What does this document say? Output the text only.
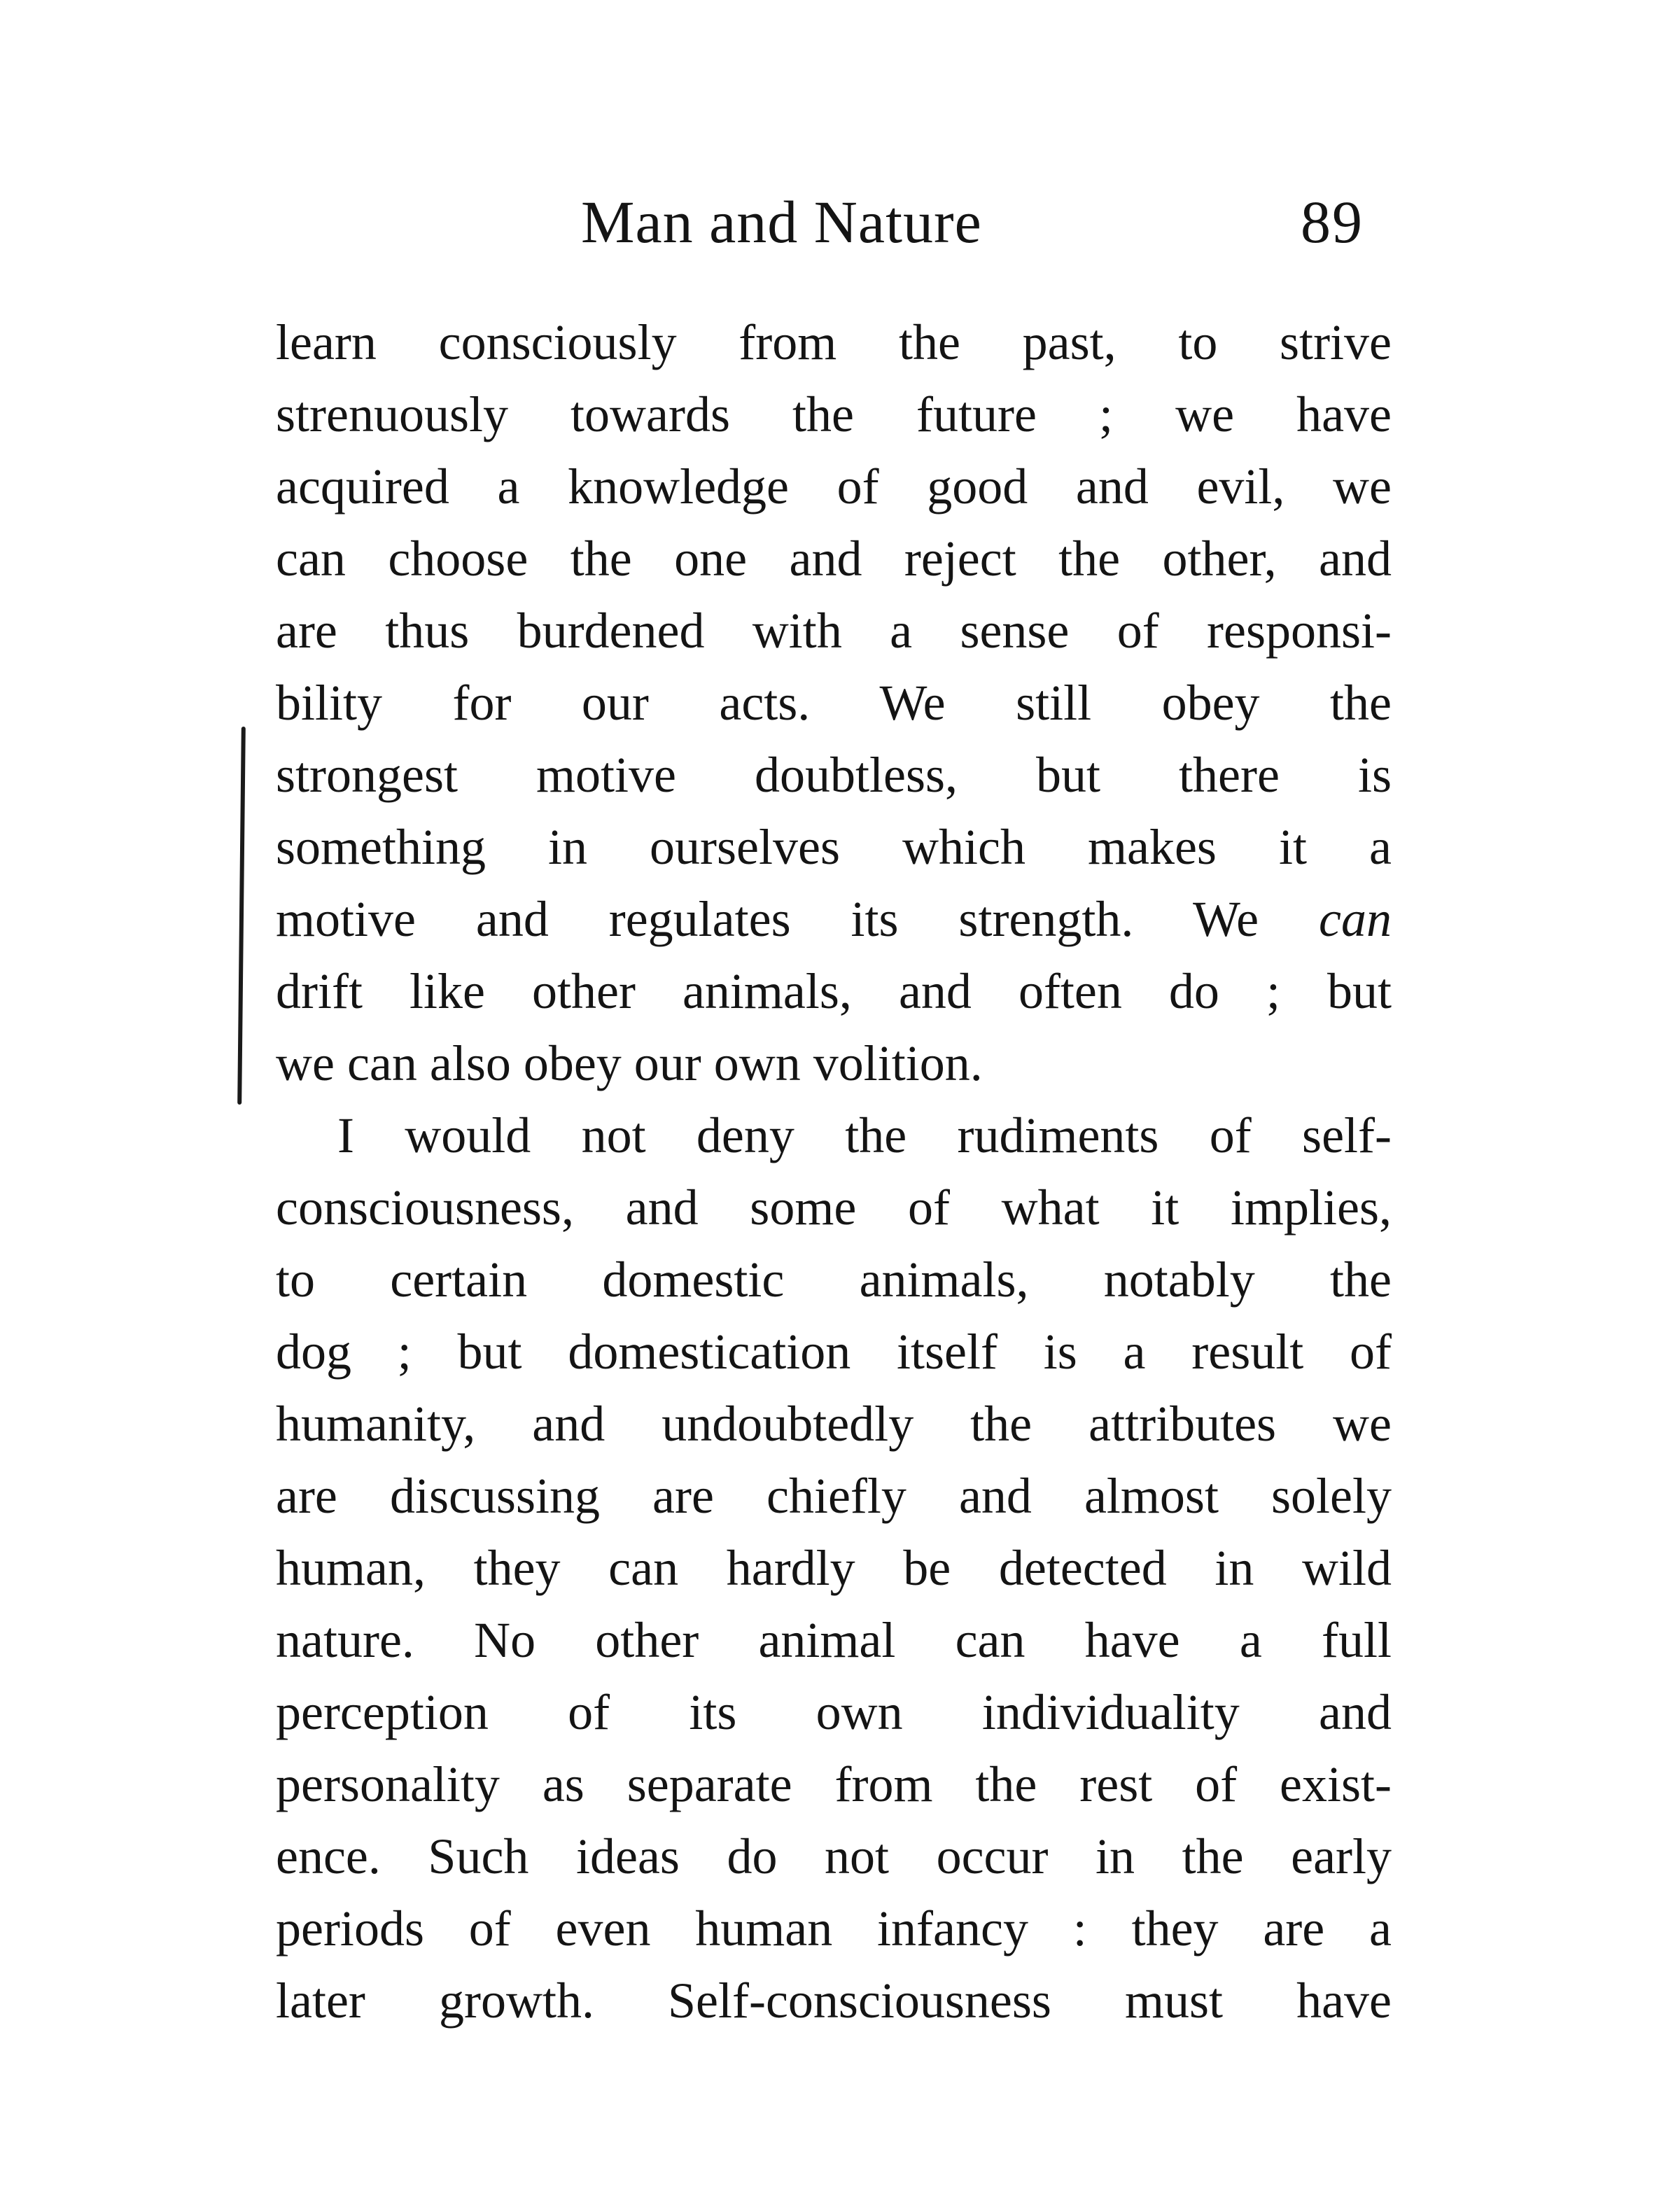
Man and Nature	89
learn consciously from the past, to strive
strenuously towards the future ; we have
acquired a knowledge of good and evil, we
can choose the one and reject the other, and
are thus burdened with a sense of responsi-
bility for our acts. We still obey the
strongest motive doubtless, but there is
something in ourselves which makes it a
motive and regulates its strength. We can
drift like other animals, and often do ; but
we can also obey our own volition.
I would not deny the rudiments of self-
consciousness, and some of what it implies,
to certain domestic animals, notably the
dog ; but domestication itself is a result of
humanity, and undoubtedly the attributes we
are discussing are chiefly and almost solely
human, they can hardly be detected in wild
nature. No other animal can have a full
perception of its own individuality and
personality as separate from the rest of exist-
ence. Such ideas do not occur in the early
periods of even human infancy : they are a
later growth. Self-consciousness must have
